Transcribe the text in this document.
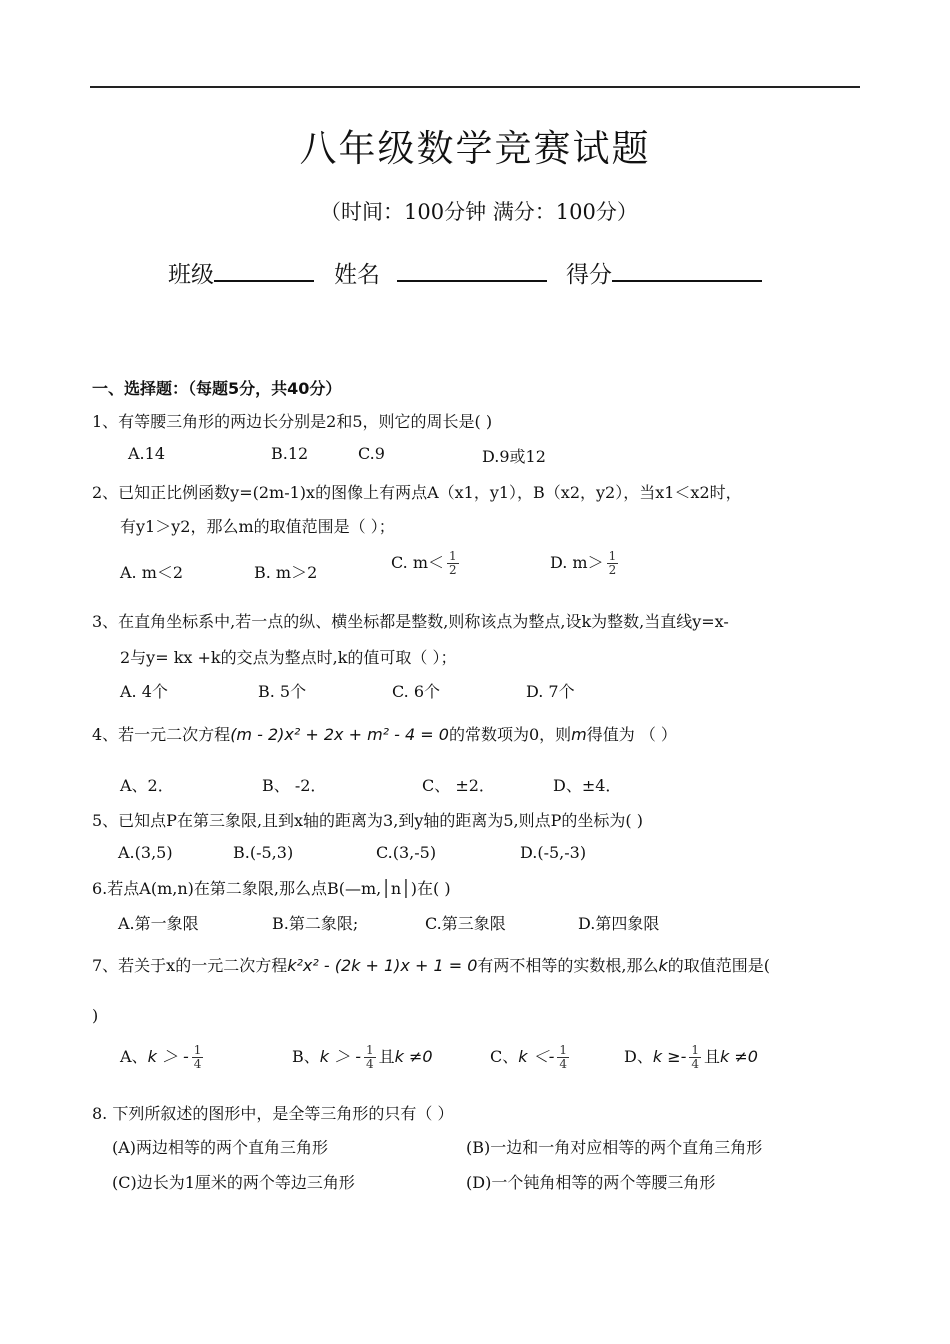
八年级数学竞赛试题
（时间：100分钟 满分：100分）
班级	姓名	得分
一、选择题：（每题5分，共40分）
1、有等腰三角形的两边长分别是2和5，则它的周长是( )
A.14	B.12	C.9	D.9或12
2、已知正比例函数y=(2m-1)x的图像上有两点A（x1，y1），B（x2，y2），当x1＜x2时，
有y1＞y2，那么m的取值范围是（ ）；
A. m＜2	B. m＞2
C. $m< \frac{1}{2}$	D. $m> \frac{1}{2}$
3、在直角坐标系中,若一点的纵、横坐标都是整数,则称该点为整点,设k为整数,当直线y=x-
2与y= kx +k的交点为整点时,k的值可取（ ）；
A. 4个	B. 5个	C. 6个	D. 7个
4、若一元二次方程(m - 2)x² + 2x + m² - 4 = 0的常数项为0，则m得值为 （ ）
A、2．	B、 -2．	C、 ±2．	D、±4．
5、已知点P在第三象限,且到x轴的距离为3,到y轴的距离为5,则点P的坐标为( )
A.(3,5)	B.(-5,3)	C.(3,-5)	D.(-5,-3)
6.若点A(m,n)在第二象限,那么点B(—m,│n│)在( )
A.第一象限	B.第二象限;	C.第三象限	D.第四象限
7、若关于x的一元二次方程k²x² - (2k + 1)x + 1 = 0有两不相等的实数根,那么k的取值范围是(
)
A、k ＞ - $\frac{1}{4}$	B、k ＞ - $\frac{1}{4}$ 且k ≠0	C、$k <- \frac{1}{4}$	D、$k \ge- \frac{1}{4}$ 且k ≠0
8. 下列所叙述的图形中，是全等三角形的只有（ ）
(A)两边相等的两个直角三角形	(B)一边和一角对应相等的两个直角三角形
(C)边长为1厘米的两个等边三角形	(D)一个钝角相等的两个等腰三角形
